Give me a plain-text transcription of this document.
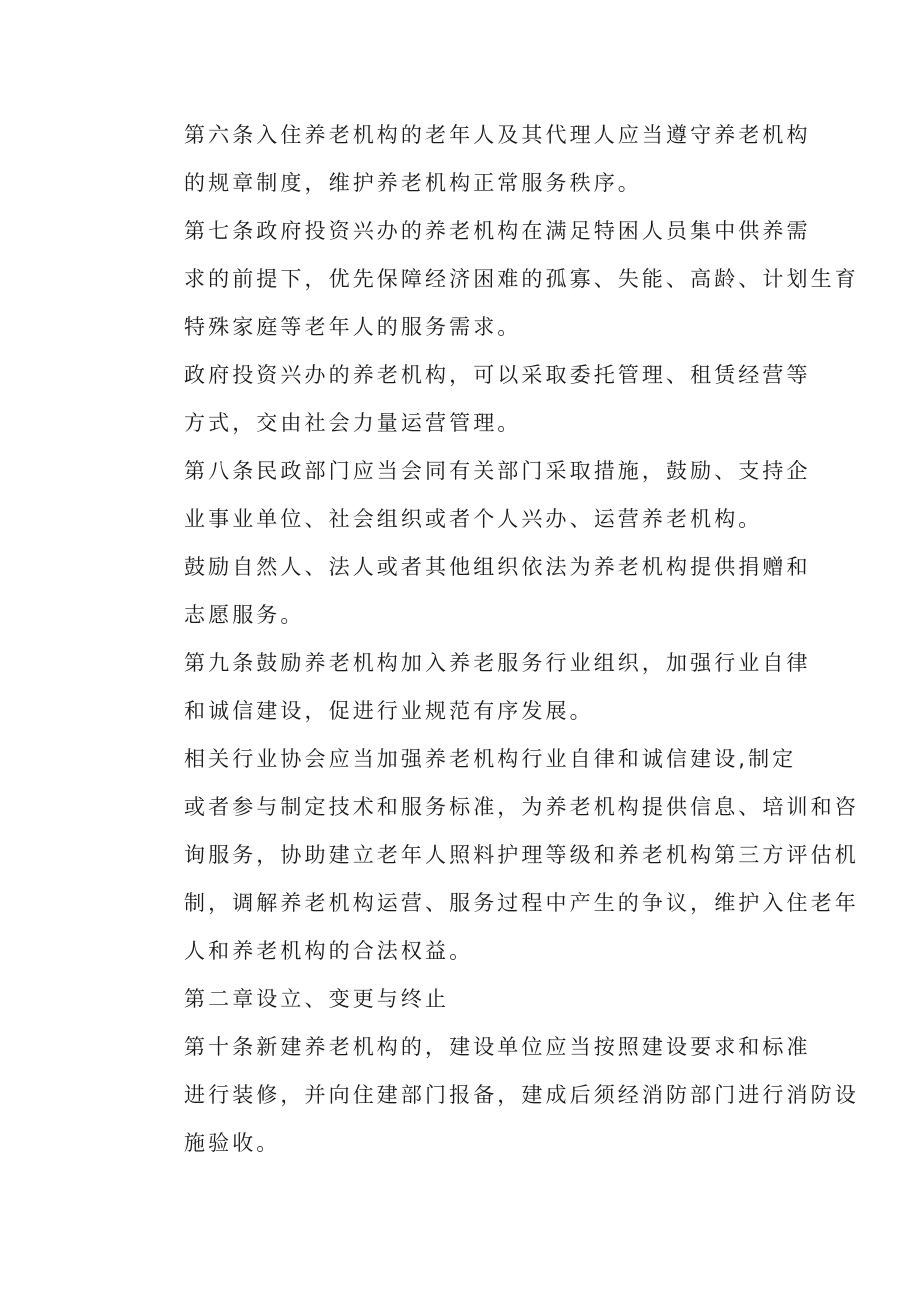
第六条入住养老机构的老年人及其代理人应当遵守养老机构
的规章制度，维护养老机构正常服务秩序。

第七条政府投资兴办的养老机构在满足特困人员集中供养需
求的前提下，优先保障经济困难的孤寡、失能、高龄、计划生育
特殊家庭等老年人的服务需求。

政府投资兴办的养老机构，可以采取委托管理、租赁经营等
方式，交由社会力量运营管理。

第八条民政部门应当会同有关部门采取措施，鼓励、支持企
业事业单位、社会组织或者个人兴办、运营养老机构。

鼓励自然人、法人或者其他组织依法为养老机构提供捐赠和
志愿服务。

第九条鼓励养老机构加入养老服务行业组织，加强行业自律
和诚信建设，促进行业规范有序发展。

相关行业协会应当加强养老机构行业自律和诚信建设,制定
或者参与制定技术和服务标准，为养老机构提供信息、培训和咨
询服务，协助建立老年人照料护理等级和养老机构第三方评估机
制，调解养老机构运营、服务过程中产生的争议，维护入住老年
人和养老机构的合法权益。

第二章设立、变更与终止

第十条新建养老机构的，建设单位应当按照建设要求和标准
进行装修，并向住建部门报备，建成后须经消防部门进行消防设
施验收。
